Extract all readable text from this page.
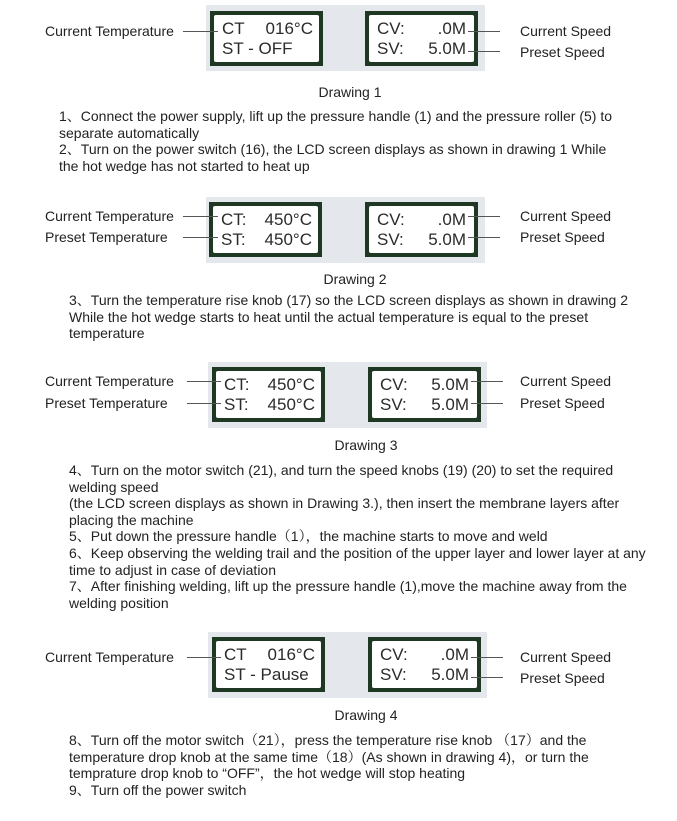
CT 016°C
ST - OFF
CV: .0M
SV: 5.0M
Current Temperature	Current Speed
Preset Speed
Drawing 1

1、Connect the power supply, lift up the pressure handle (1) and the pressure roller (5) to separate automatically

2、Turn on the power switch (16), the LCD screen displays as shown in drawing 1 While the hot wedge has not started to heat up

CT: 450°C
ST: 450°C
CV: .0M
SV: 5.0M
Current Temperature
Preset Temperature
Current Speed
Preset Speed
Drawing 2

3、Turn the temperature rise knob (17) so the LCD screen displays as shown in drawing 2 While the hot wedge starts to heat until the actual temperature is equal to the preset temperature

CT: 450°C
ST: 450°C
CV: 5.0M
SV: 5.0M
Current Temperature
Preset Temperature
Current Speed
Preset Speed
Drawing 3

4、Turn on the motor switch (21), and turn the speed knobs (19) (20) to set the required welding speed

(the LCD screen displays as shown in Drawing 3.), then insert the membrane layers after placing the machine

5、Put down the pressure handle（1），the machine starts to move and weld

6、Keep observing the welding trail and the position of the upper layer and lower layer at any time to adjust in case of deviation

7、After finishing welding, lift up the pressure handle (1),move the machine away from the welding position

CT 016°C
ST - Pause
CV: .0M
SV: 5.0M
Current Temperature	Current Speed
Preset Speed
Drawing 4

8、Turn off the motor switch（21），press the temperature rise knob （17）and the temperature drop knob at the same time（18）(As shown in drawing 4)，or turn the temprature drop knob to “OFF”，the hot wedge will stop heating

9、Turn off the power switch
